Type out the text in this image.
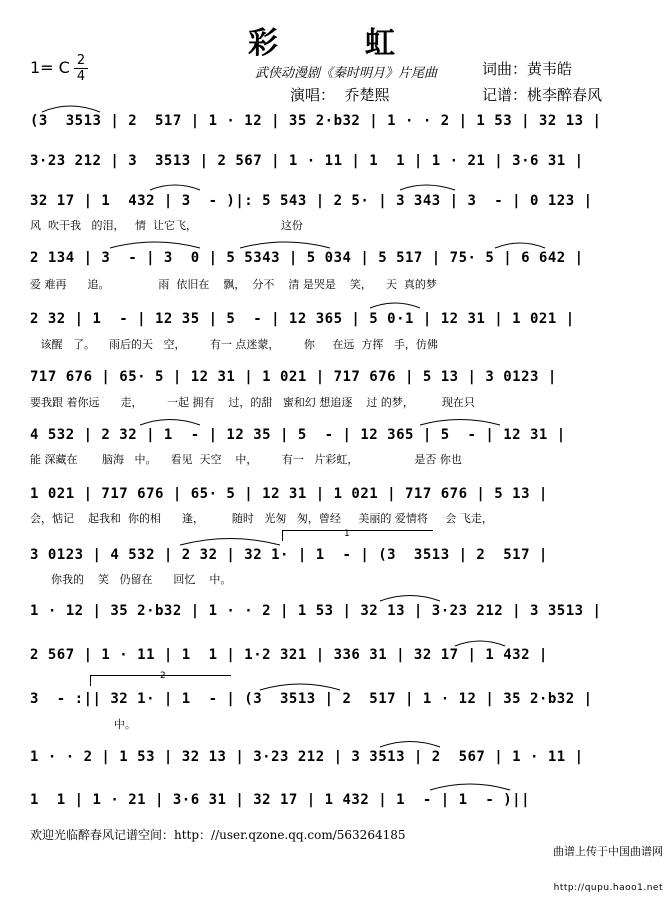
彩  虹
1= C 2
4	武侠动漫剧《秦时明月》片尾曲	词曲：黄韦皓
演唱：  乔楚熙	记谱：桃李醉春风
(3  3513 | 2  517 | 1 · 12 | 35 2·b32 | 1 · · 2 | 1 53 | 32 13 |
3·23 212 | 3  3513 | 2 567 | 1 · 11 | 1  1 | 1 · 21 | 3·6 31 |
32 17 | 1  432 | 3  - )|: 5 543 | 2 5· | 3 343 | 3  - | 0 123 |
风  吹干我   的泪，   情  让它飞，                        这份
2 134 | 3  - | 3  0 | 5 5343 | 5 034 | 5 517 | 75· 5 | 6 642 |
爱 难再      追。              雨  依旧在    飘，  分不    清 是哭是    笑，    天  真的梦
2 32 | 1  - | 12 35 | 5  - | 12 365 | 5 0·1 | 12 31 | 1 021 |
该醒   了。    雨后的天   空，       有一 点迷蒙，       你     在远  方挥   手，仿佛
717 676 | 65· 5 | 12 31 | 1 021 | 717 676 | 5 13 | 3 0123 |
要我跟 着你远      走，       一起 拥有    过，的甜   蜜和幻 想追逐    过 的梦，        现在只
4 532 | 2 32 | 1  - | 12 35 | 5  - | 12 365 | 5  - | 12 31 |
能 深藏在       脑海   中。    看见  天空    中，       有一   片彩虹，                是否 你也
1 021 | 717 676 | 65· 5 | 12 31 | 1 021 | 717 676 | 5 13 |
会，惦记    起我和  你的相      逢，        随时   光匆   匆，曾经     美丽的 爱情将     会 飞走，
3 0123 | 4 532 | 2 32 | 32 1· | 1  - | (3  3513 | 2  517 |
你我的    笑   仍留在      回忆    中。
1 · 12 | 35 2·b32 | 1 · · 2 | 1 53 | 32 13 | 3·23 212 | 3 3513 |
2 567 | 1 · 11 | 1  1 | 1·2 321 | 336 31 | 32 17 | 1 432 |
3  - :|| 32 1· | 1  - | (3  3513 | 2  517 | 1 · 12 | 35 2·b32 |
中。
1 · · 2 | 1 53 | 32 13 | 3·23 212 | 3 3513 | 2  567 | 1 · 11 |
1  1 | 1 · 21 | 3·6 31 | 32 17 | 1 432 | 1  - | 1  - )||
1
2
欢迎光临醉春风记谱空间：http：//user.qzone.qq.com/563264185

曲谱上传于中国曲谱网

http://qupu.haoo1.net
